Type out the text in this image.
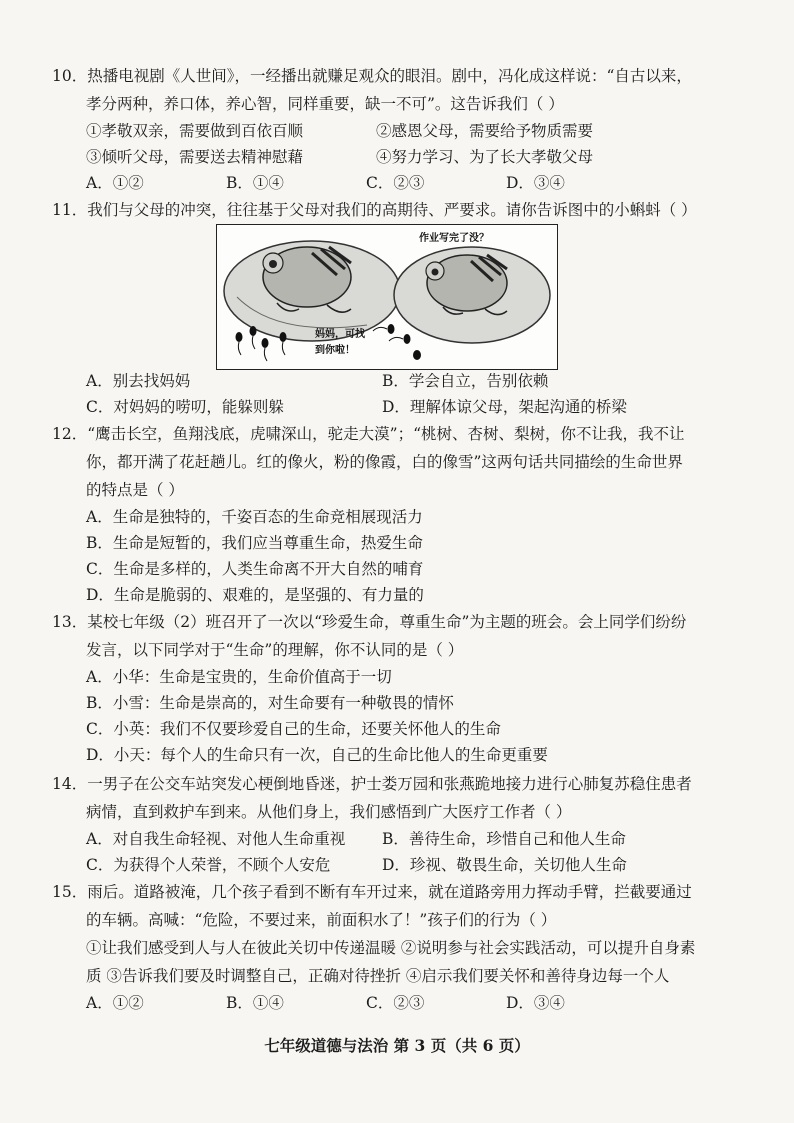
10．热播电视剧《人世间》，一经播出就赚足观众的眼泪。剧中，冯化成这样说：“自古以来，
孝分两种，养口体，养心智，同样重要，缺一不可”。这告诉我们（ ）
①孝敬双亲，需要做到百依百顺	②感恩父母，需要给予物质需要
③倾听父母，需要送去精神慰藉	④努力学习、为了长大孝敬父母
A．①②	B．①④	C．②③	D．③④
11．我们与父母的冲突，往往基于父母对我们的高期待、严要求。请你告诉图中的小蝌蚪（ ）
作业写完了没？
妈妈，可找
到你啦！
A．别去找妈妈	B．学会自立，告别依赖
C．对妈妈的唠叨，能躲则躲	D．理解体谅父母，架起沟通的桥梁
12．“鹰击长空，鱼翔浅底，虎啸深山，驼走大漠”；“桃树、杏树、梨树，你不让我，我不让
你，都开满了花赶趟儿。红的像火，粉的像霞，白的像雪”这两句话共同描绘的生命世界
的特点是（ ）
A．生命是独特的，千姿百态的生命竞相展现活力
B．生命是短暂的，我们应当尊重生命，热爱生命
C．生命是多样的，人类生命离不开大自然的哺育
D．生命是脆弱的、艰难的，是坚强的、有力量的
13．某校七年级（2）班召开了一次以“珍爱生命，尊重生命”为主题的班会。会上同学们纷纷
发言，以下同学对于“生命”的理解，你不认同的是（ ）
A．小华：生命是宝贵的，生命价值高于一切
B．小雪：生命是崇高的，对生命要有一种敬畏的情怀
C．小英：我们不仅要珍爱自己的生命，还要关怀他人的生命
D．小天：每个人的生命只有一次，自己的生命比他人的生命更重要
14．一男子在公交车站突发心梗倒地昏迷，护士娄万园和张燕跪地接力进行心肺复苏稳住患者
病情，直到救护车到来。从他们身上，我们感悟到广大医疗工作者（ ）
A．对自我生命轻视、对他人生命重视	B．善待生命，珍惜自己和他人生命
C．为获得个人荣誉，不顾个人安危	D．珍视、敬畏生命，关切他人生命
15．雨后。道路被淹，几个孩子看到不断有车开过来，就在道路旁用力挥动手臂，拦截要通过
的车辆。高喊：“危险，不要过来，前面积水了！”孩子们的行为（ ）
①让我们感受到人与人在彼此关切中传递温暖 ②说明参与社会实践活动，可以提升自身素
质 ③告诉我们要及时调整自己，正确对待挫折 ④启示我们要关怀和善待身边每一个人
A．①②	B．①④	C．②③	D．③④
七年级道德与法治 第 3 页（共 6 页）
